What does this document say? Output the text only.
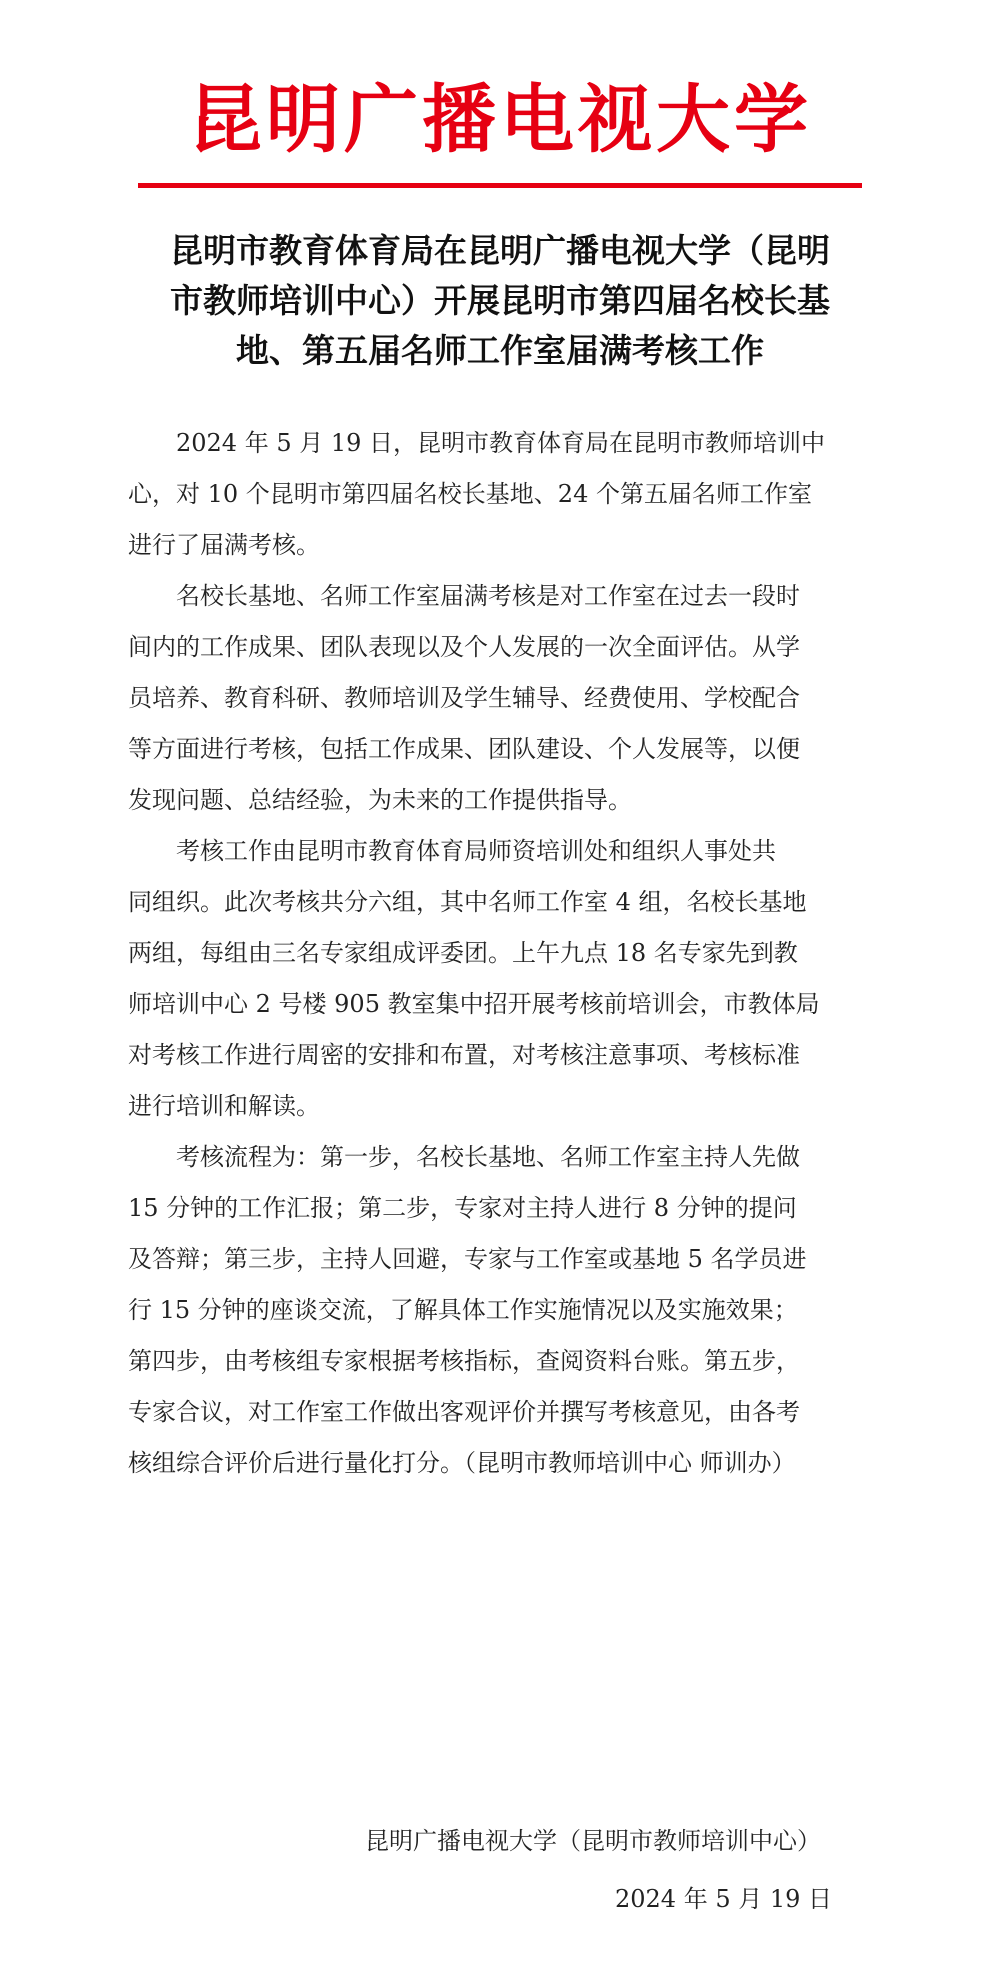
昆明广播电视大学
昆明市教育体育局在昆明广播电视大学（昆明
市教师培训中心）开展昆明市第四届名校长基
地、第五届名师工作室届满考核工作

2024 年 5 月 19 日，昆明市教育体育局在昆明市教师培训中
心，对 10 个昆明市第四届名校长基地、24 个第五届名师工作室
进行了届满考核。

名校长基地、名师工作室届满考核是对工作室在过去一段时
间内的工作成果、团队表现以及个人发展的一次全面评估。从学
员培养、教育科研、教师培训及学生辅导、经费使用、学校配合
等方面进行考核，包括工作成果、团队建设、个人发展等，以便
发现问题、总结经验，为未来的工作提供指导。

考核工作由昆明市教育体育局师资培训处和组织人事处共
同组织。此次考核共分六组，其中名师工作室 4 组，名校长基地
两组，每组由三名专家组成评委团。上午九点 18 名专家先到教
师培训中心 2 号楼 905 教室集中招开展考核前培训会，市教体局
对考核工作进行周密的安排和布置，对考核注意事项、考核标准
进行培训和解读。

考核流程为：第一步，名校长基地、名师工作室主持人先做
15 分钟的工作汇报；第二步，专家对主持人进行 8 分钟的提问
及答辩；第三步，主持人回避，专家与工作室或基地 5 名学员进
行 15 分钟的座谈交流，了解具体工作实施情况以及实施效果；
第四步，由考核组专家根据考核指标，查阅资料台账。第五步，
专家合议，对工作室工作做出客观评价并撰写考核意见，由各考
核组综合评价后进行量化打分。（昆明市教师培训中心 师训办）

昆明广播电视大学（昆明市教师培训中心）
2024 年 5 月 19 日
